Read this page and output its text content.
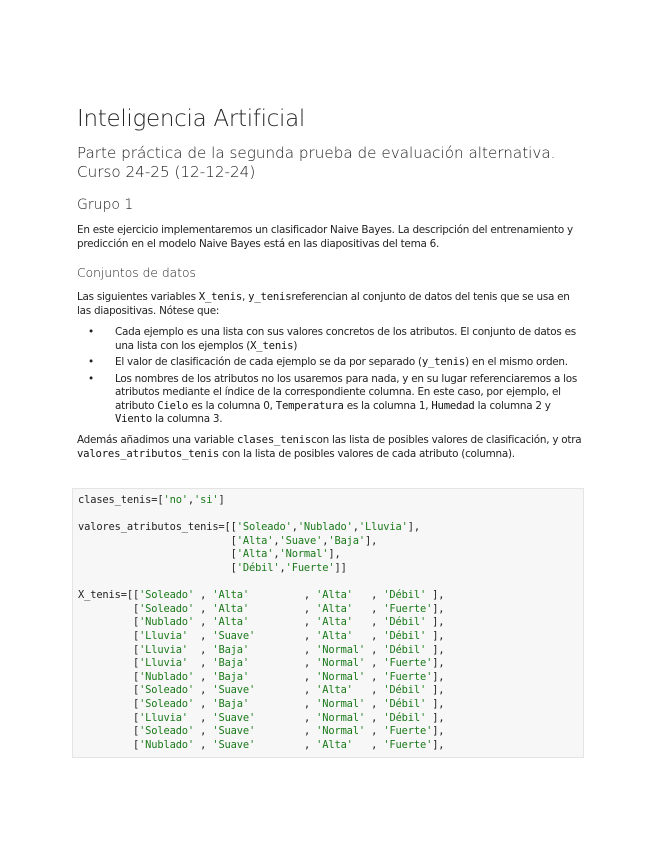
Inteligencia Artificial
Parte práctica de la segunda prueba de evaluación alternativa. Curso 24-25 (12-12-24)
Grupo 1

En este ejercicio implementaremos un clasificador Naive Bayes. La descripción del entrenamiento y predicción en el modelo Naive Bayes está en las diapositivas del tema 6.

Conjuntos de datos

Las siguientes variables X_tenis, y_tenisreferencian al conjunto de datos del tenis que se usa en las diapositivas. Nótese que:

• Cada ejemplo es una lista con sus valores concretos de los atributos. El conjunto de datos es una lista con los ejemplos (X_tenis)
• El valor de clasificación de cada ejemplo se da por separado (y_tenis) en el mismo orden.
• Los nombres de los atributos no los usaremos para nada, y en su lugar referenciaremos a los atributos mediante el índice de la correspondiente columna. En este caso, por ejemplo, el atributo Cielo es la columna 0, Temperatura es la columna 1, Humedad la columna 2 y Viento la columna 3.

Además añadimos una variable clases_teniscon las lista de posibles valores de clasificación, y otra valores_atributos_tenis con la lista de posibles valores de cada atributo (columna).

clases_tenis=['no','si']

valores_atributos_tenis=[['Soleado','Nublado','Lluvia'],
['Alta','Suave','Baja'],
['Alta','Normal'],
['Débil','Fuerte']]

X_tenis=[['Soleado' , 'Alta'         , 'Alta'   , 'Débil' ],
['Soleado' , 'Alta'         , 'Alta'   , 'Fuerte'],
['Nublado' , 'Alta'         , 'Alta'   , 'Débil' ],
['Lluvia'  , 'Suave'        , 'Alta'   , 'Débil' ],
['Lluvia'  , 'Baja'         , 'Normal' , 'Débil' ],
['Lluvia'  , 'Baja'         , 'Normal' , 'Fuerte'],
['Nublado' , 'Baja'         , 'Normal' , 'Fuerte'],
['Soleado' , 'Suave'        , 'Alta'   , 'Débil' ],
['Soleado' , 'Baja'         , 'Normal' , 'Débil' ],
['Lluvia'  , 'Suave'        , 'Normal' , 'Débil' ],
['Soleado' , 'Suave'        , 'Normal' , 'Fuerte'],
['Nublado' , 'Suave'        , 'Alta'   , 'Fuerte'],
